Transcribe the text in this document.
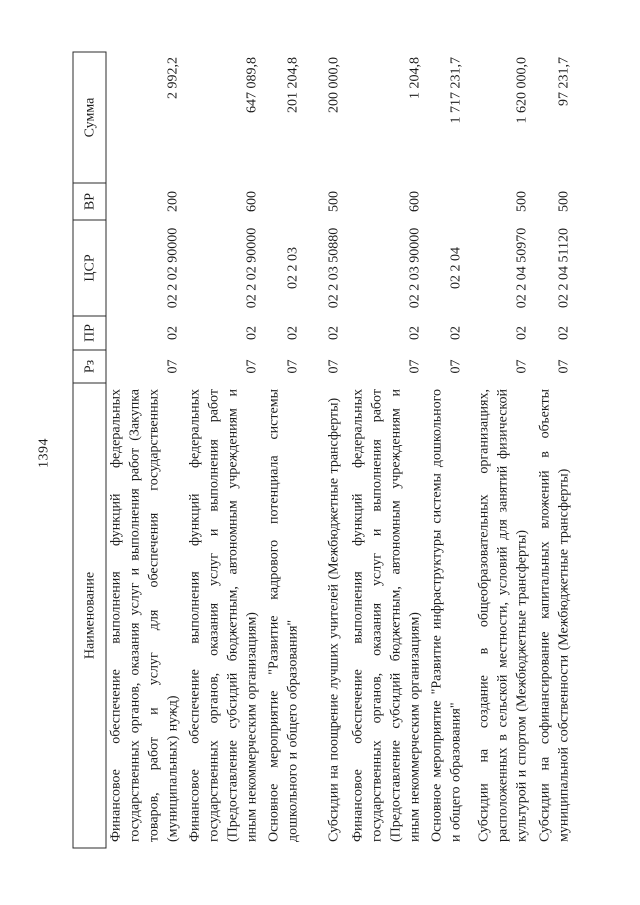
1394
Наименование	Рз	ПР	ЦСР	ВР	Сумма
Финансовое обеспечение выполнения функций федеральных государственных органов, оказания услуг и выполнения работ (Закупка товаров, работ и услуг для обеспечения государственных (муниципальных) нужд)	07	02	02 2 02 90000	200	2 992,2
Финансовое обеспечение выполнения функций федеральных государственных органов, оказания услуг и выполнения работ (Предоставление субсидий бюджетным, автономным учреждениям и иным некоммерческим организациям)	07	02	02 2 02 90000	600	647 089,8
Основное мероприятие "Развитие кадрового потенциала системы дошкольного и общего образования"	07	02	02 2 03		201 204,8
Субсидии на поощрение лучших учителей (Межбюджетные трансферты)	07	02	02 2 03 50880	500	200 000,0
Финансовое обеспечение выполнения функций федеральных государственных органов, оказания услуг и выполнения работ (Предоставление субсидий бюджетным, автономным учреждениям и иным некоммерческим организациям)	07	02	02 2 03 90000	600	1 204,8
Основное мероприятие "Развитие инфраструктуры системы дошкольного и общего образования"	07	02	02 2 04		1 717 231,7
Субсидии на создание в общеобразовательных организациях, расположенных в сельской местности, условий для занятий физической культурой и спортом (Межбюджетные трансферты)	07	02	02 2 04 50970	500	1 620 000,0
Субсидии на софинансирование капитальных вложений в объекты муниципальной собственности (Межбюджетные трансферты)	07	02	02 2 04 51120	500	97 231,7
